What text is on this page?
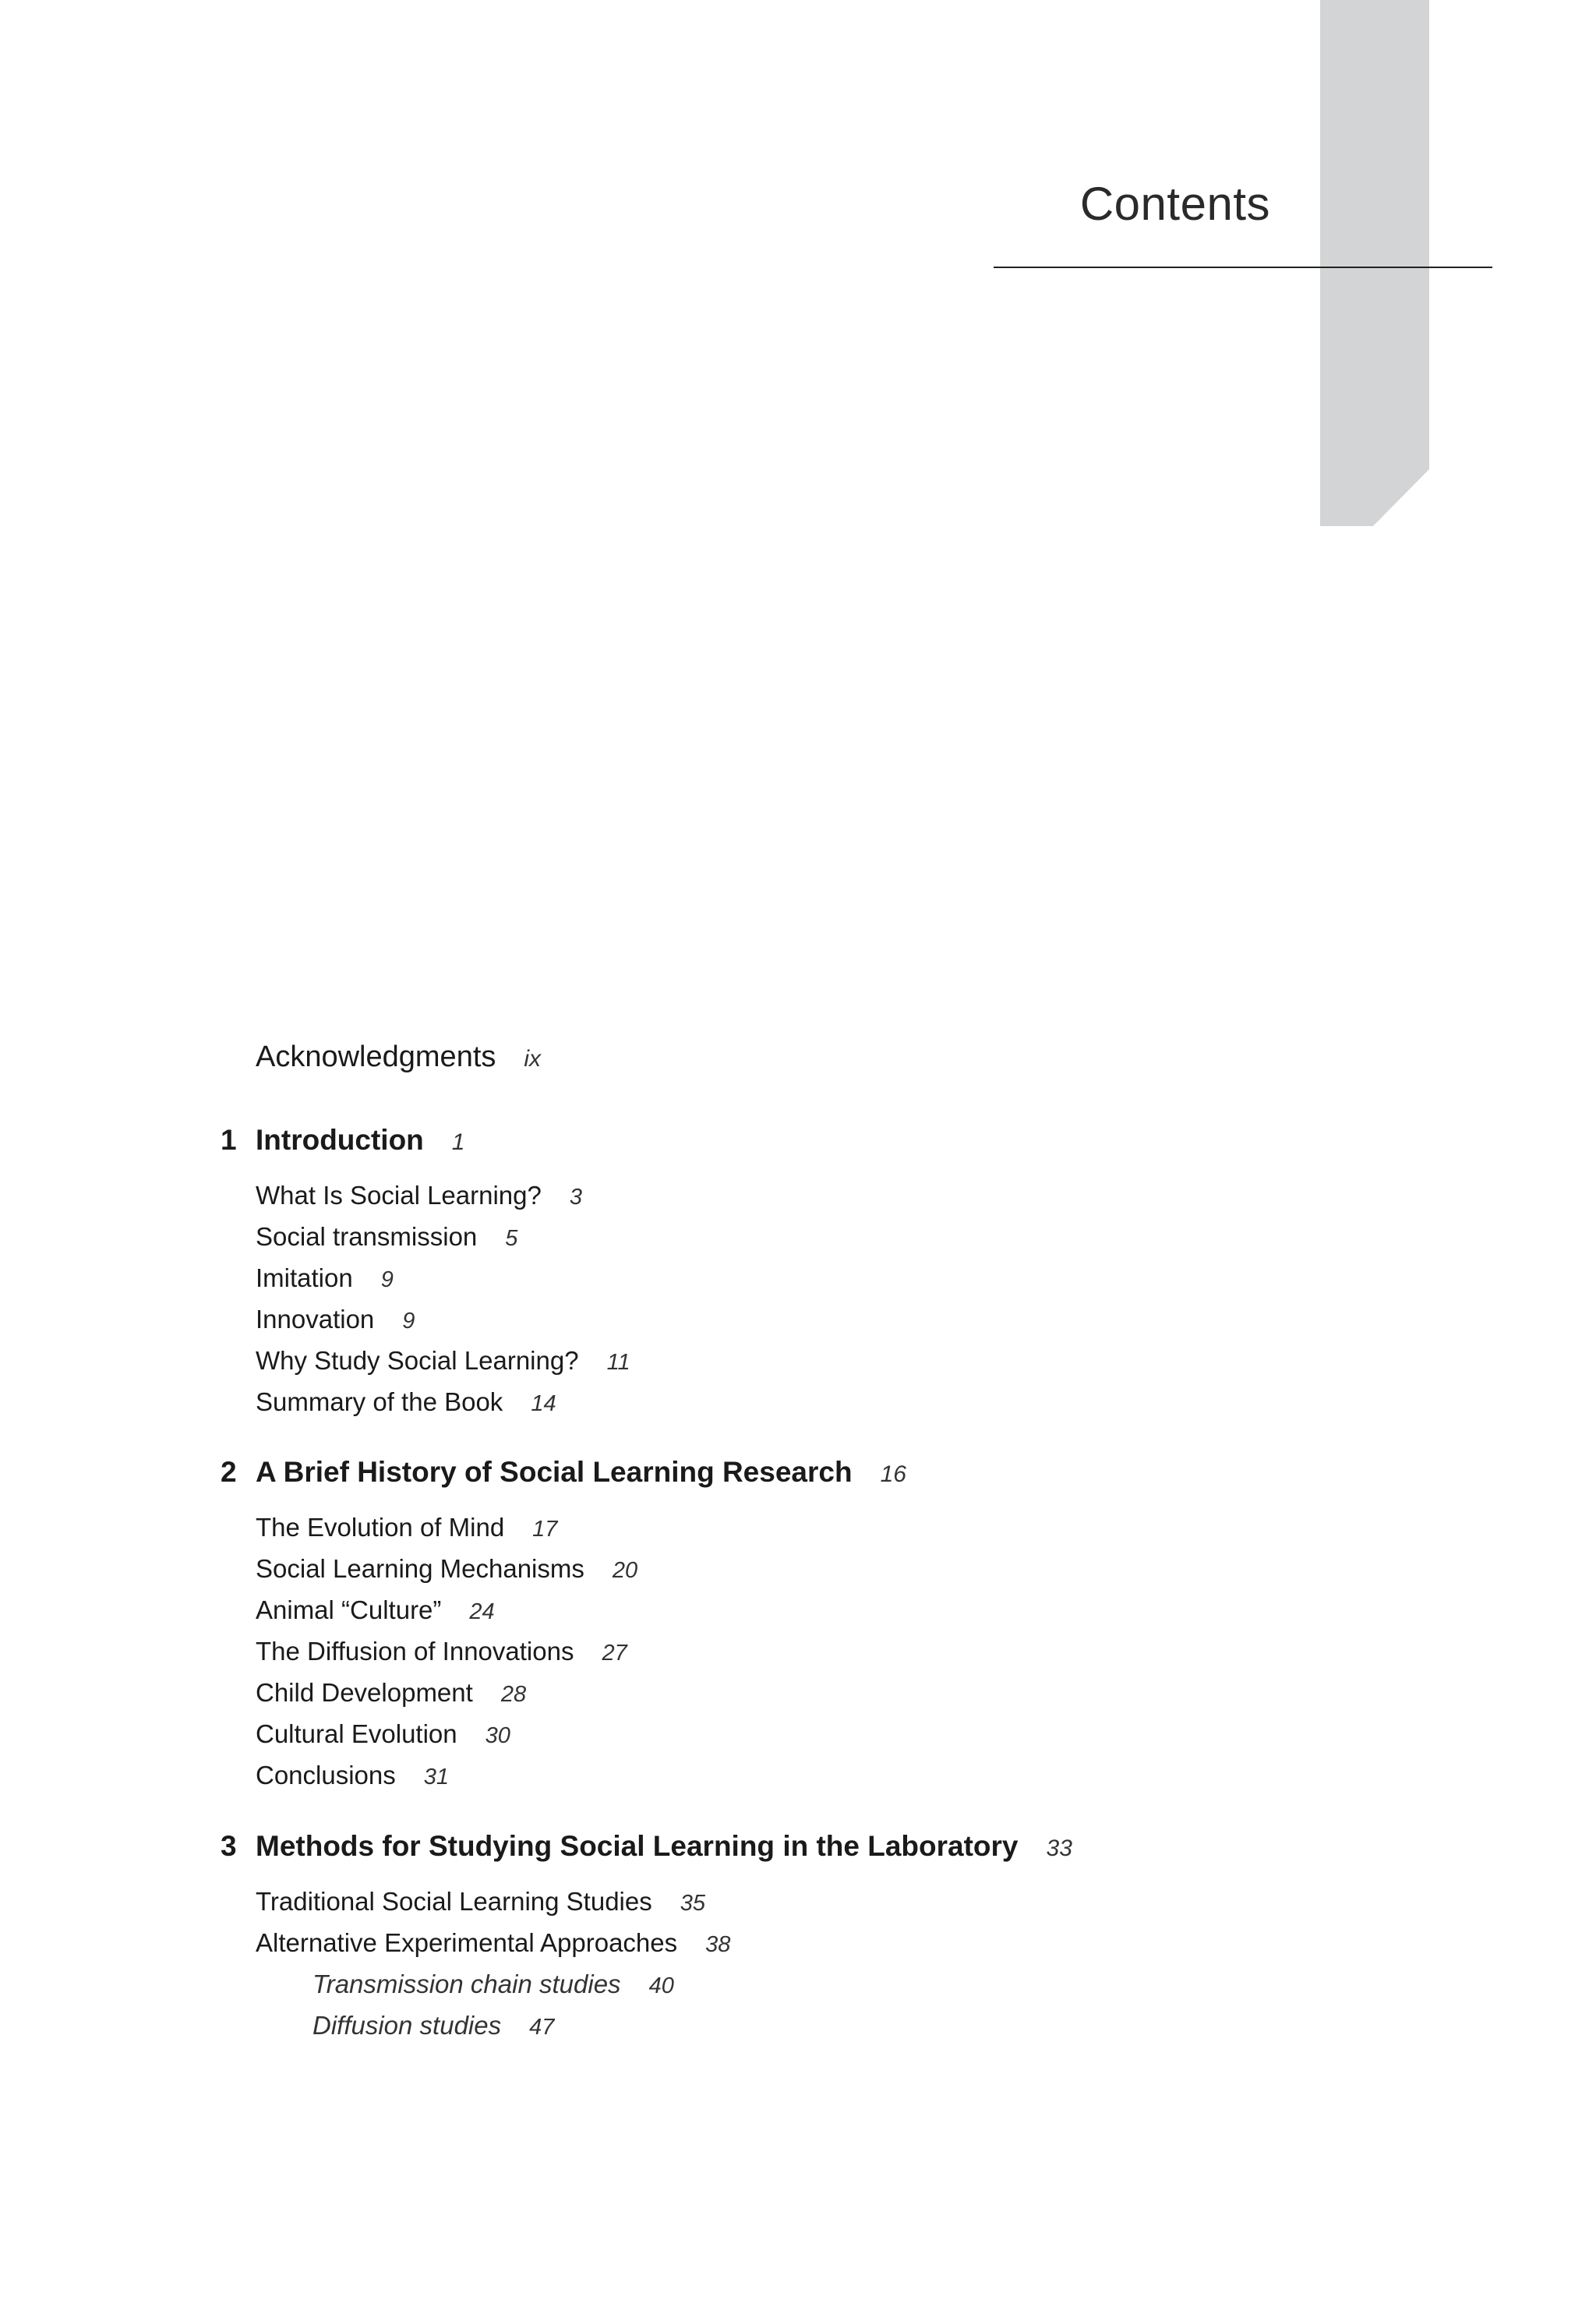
Contents
Acknowledgments ix
1 Introduction 1
What Is Social Learning? 3
Social transmission 5
Imitation 9
Innovation 9
Why Study Social Learning? 11
Summary of the Book 14
2 A Brief History of Social Learning Research 16
The Evolution of Mind 17
Social Learning Mechanisms 20
Animal “Culture” 24
The Diffusion of Innovations 27
Child Development 28
Cultural Evolution 30
Conclusions 31
3 Methods for Studying Social Learning in the Laboratory 33
Traditional Social Learning Studies 35
Alternative Experimental Approaches 38
Transmission chain studies 40
Diffusion studies 47
